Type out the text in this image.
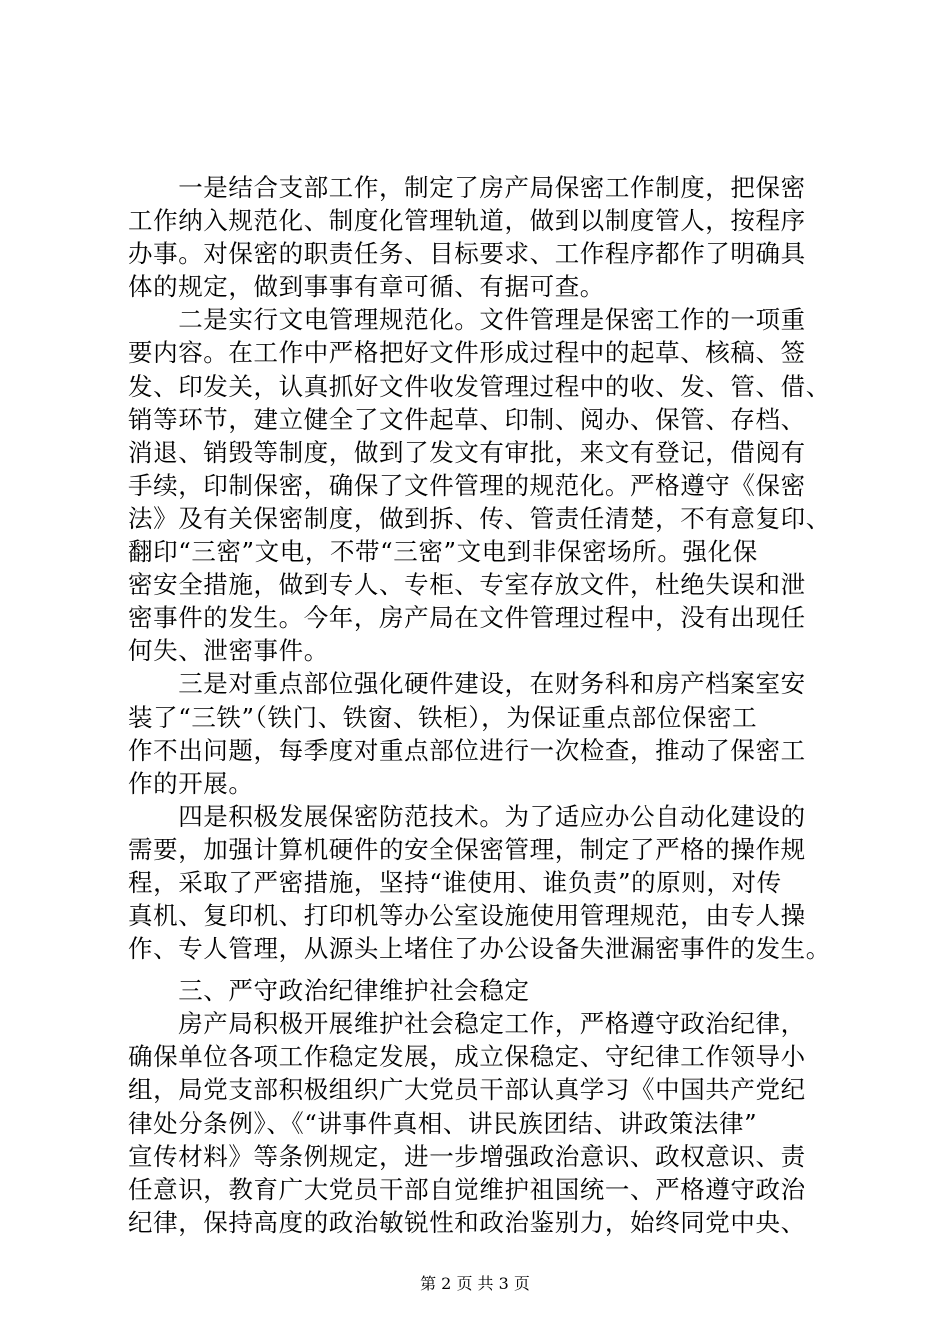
　　一是结合支部工作，制定了房产局保密工作制度，把保密
工作纳入规范化、制度化管理轨道，做到以制度管人，按程序
办事。对保密的职责任务、目标要求、工作程序都作了明确具
体的规定，做到事事有章可循、有据可查。
　　二是实行文电管理规范化。文件管理是保密工作的一项重
要内容。在工作中严格把好文件形成过程中的起草、核稿、签
发、印发关，认真抓好文件收发管理过程中的收、发、管、借、
销等环节，建立健全了文件起草、印制、阅办、保管、存档、
消退、销毁等制度，做到了发文有审批，来文有登记，借阅有
手续，印制保密，确保了文件管理的规范化。严格遵守《保密
法》及有关保密制度，做到拆、传、管责任清楚，不有意复印、
翻印“三密”文电，不带“三密”文电到非保密场所。强化保
密安全措施，做到专人、专柜、专室存放文件，杜绝失误和泄
密事件的发生。今年，房产局在文件管理过程中，没有出现任
何失、泄密事件。
　　三是对重点部位强化硬件建设，在财务科和房产档案室安
装了“三铁”（铁门、铁窗、铁柜），为保证重点部位保密工
作不出问题，每季度对重点部位进行一次检查，推动了保密工
作的开展。
　　四是积极发展保密防范技术。为了适应办公自动化建设的
需要，加强计算机硬件的安全保密管理，制定了严格的操作规
程，采取了严密措施，坚持“谁使用、谁负责”的原则，对传
真机、复印机、打印机等办公室设施使用管理规范，由专人操
作、专人管理，从源头上堵住了办公设备失泄漏密事件的发生。
　　三、严守政治纪律维护社会稳定
　　房产局积极开展维护社会稳定工作，严格遵守政治纪律，
确保单位各项工作稳定发展，成立保稳定、守纪律工作领导小
组，局党支部积极组织广大党员干部认真学习《中国共产党纪
律处分条例》、《“讲事件真相、讲民族团结、讲政策法律”
宣传材料》等条例规定，进一步增强政治意识、政权意识、责
任意识，教育广大党员干部自觉维护祖国统一、严格遵守政治
纪律，保持高度的政治敏锐性和政治鉴别力，始终同党中央、
第 2 页 共 3 页
